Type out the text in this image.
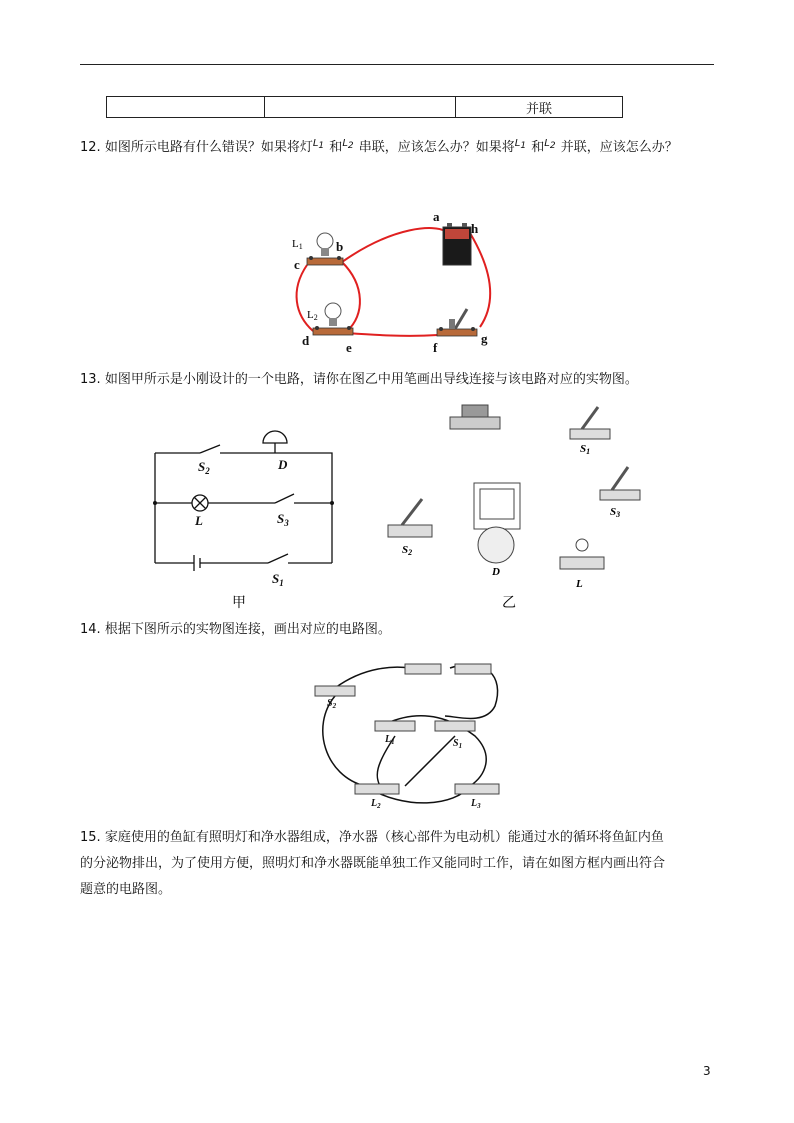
		并联
12. 如图所示电路有什么错误？如果将灯$^{L1}$ 和$^{L2}$ 串联，应该怎么办？如果将$^{L1}$ 和$^{L2}$ 并联，应该怎么办？
a
h
b
c
d	e	f
g
L1
L2
13. 如图甲所示是小刚设计的一个电路，请你在图乙中用笔画出导线连接与该电路对应的实物图。
$S_2$	D
L	$S_3$
$S_1$
甲
S1
S3
S2
D
L
乙
14. 根据下图所示的实物图连接，画出对应的电路图。
$S_2$
$L_1$	$S_1$
$L_2$	$L_3$
15. 家庭使用的鱼缸有照明灯和净水器组成，净水器（核心部件为电动机）能通过水的循环将鱼缸内鱼
的分泌物排出，为了使用方便，照明灯和净水器既能单独工作又能同时工作，请在如图方框内画出符合
题意的电路图。
3
